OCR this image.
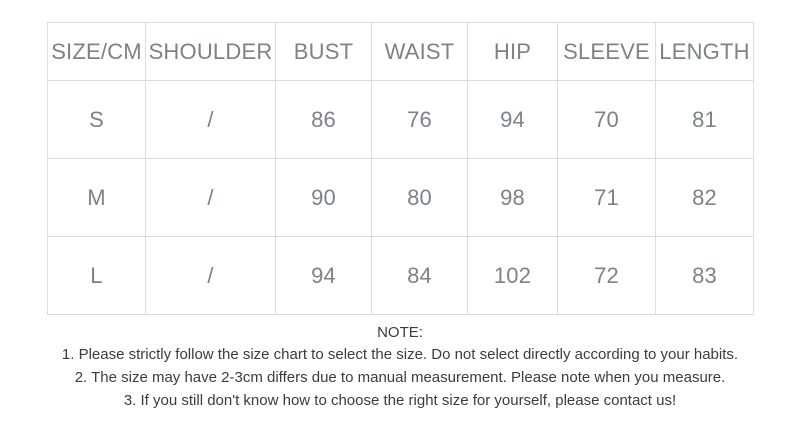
SIZE/CM	SHOULDER	BUST	WAIST	HIP	SLEEVE	LENGTH
S	/	86	76	94	70	81
M	/	90	80	98	71	82
L	/	94	84	102	72	83
NOTE:
1. Please strictly follow the size chart to select the size. Do not select directly according to your habits.
2. The size may have 2-3cm differs due to manual measurement. Please note when you measure.
3. If you still don't know how to choose the right size for yourself, please contact us!
